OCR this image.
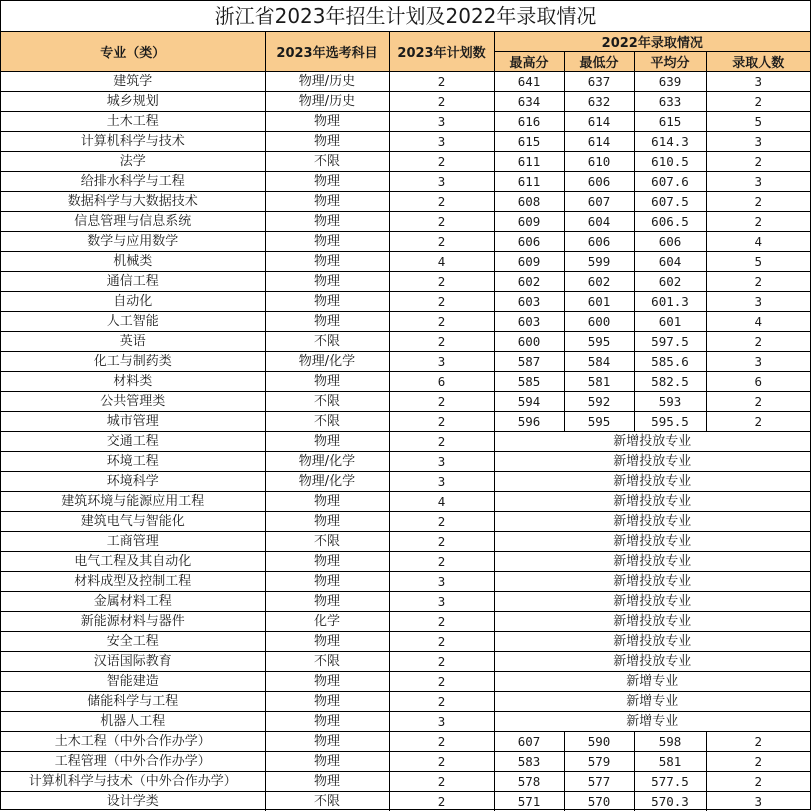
浙江省2023年招生计划及2022年录取情况
专业（类）	2023年选考科目	2023年计划数	2022年录取情况			
			最高分	最低分	平均分	录取人数
建筑学	物理/历史	2	641	637	639	3
城乡规划	物理/历史	2	634	632	633	2
土木工程	物理	3	616	614	615	5
计算机科学与技术	物理	3	615	614	614.3	3
法学	不限	2	611	610	610.5	2
给排水科学与工程	物理	3	611	606	607.6	3
数据科学与大数据技术	物理	2	608	607	607.5	2
信息管理与信息系统	物理	2	609	604	606.5	2
数学与应用数学	物理	2	606	606	606	4
机械类	物理	4	609	599	604	5
通信工程	物理	2	602	602	602	2
自动化	物理	2	603	601	601.3	3
人工智能	物理	2	603	600	601	4
英语	不限	2	600	595	597.5	2
化工与制药类	物理/化学	3	587	584	585.6	3
材料类	物理	6	585	581	582.5	6
公共管理类	不限	2	594	592	593	2
城市管理	不限	2	596	595	595.5	2
交通工程	物理	2	新增投放专业			
环境工程	物理/化学	3	新增投放专业			
环境科学	物理/化学	3	新增投放专业			
建筑环境与能源应用工程	物理	4	新增投放专业			
建筑电气与智能化	物理	2	新增投放专业			
工商管理	不限	2	新增投放专业			
电气工程及其自动化	物理	2	新增投放专业			
材料成型及控制工程	物理	3	新增投放专业			
金属材料工程	物理	3	新增投放专业			
新能源材料与器件	化学	2	新增投放专业			
安全工程	物理	2	新增投放专业			
汉语国际教育	不限	2	新增投放专业			
智能建造	物理	2	新增专业			
储能科学与工程	物理	2	新增专业			
机器人工程	物理	3	新增专业			
土木工程（中外合作办学）	物理	2	607	590	598	2
工程管理（中外合作办学）	物理	2	583	579	581	2
计算机科学与技术（中外合作办学）	物理	2	578	577	577.5	2
设计学类	不限	2	571	570	570.3	3
